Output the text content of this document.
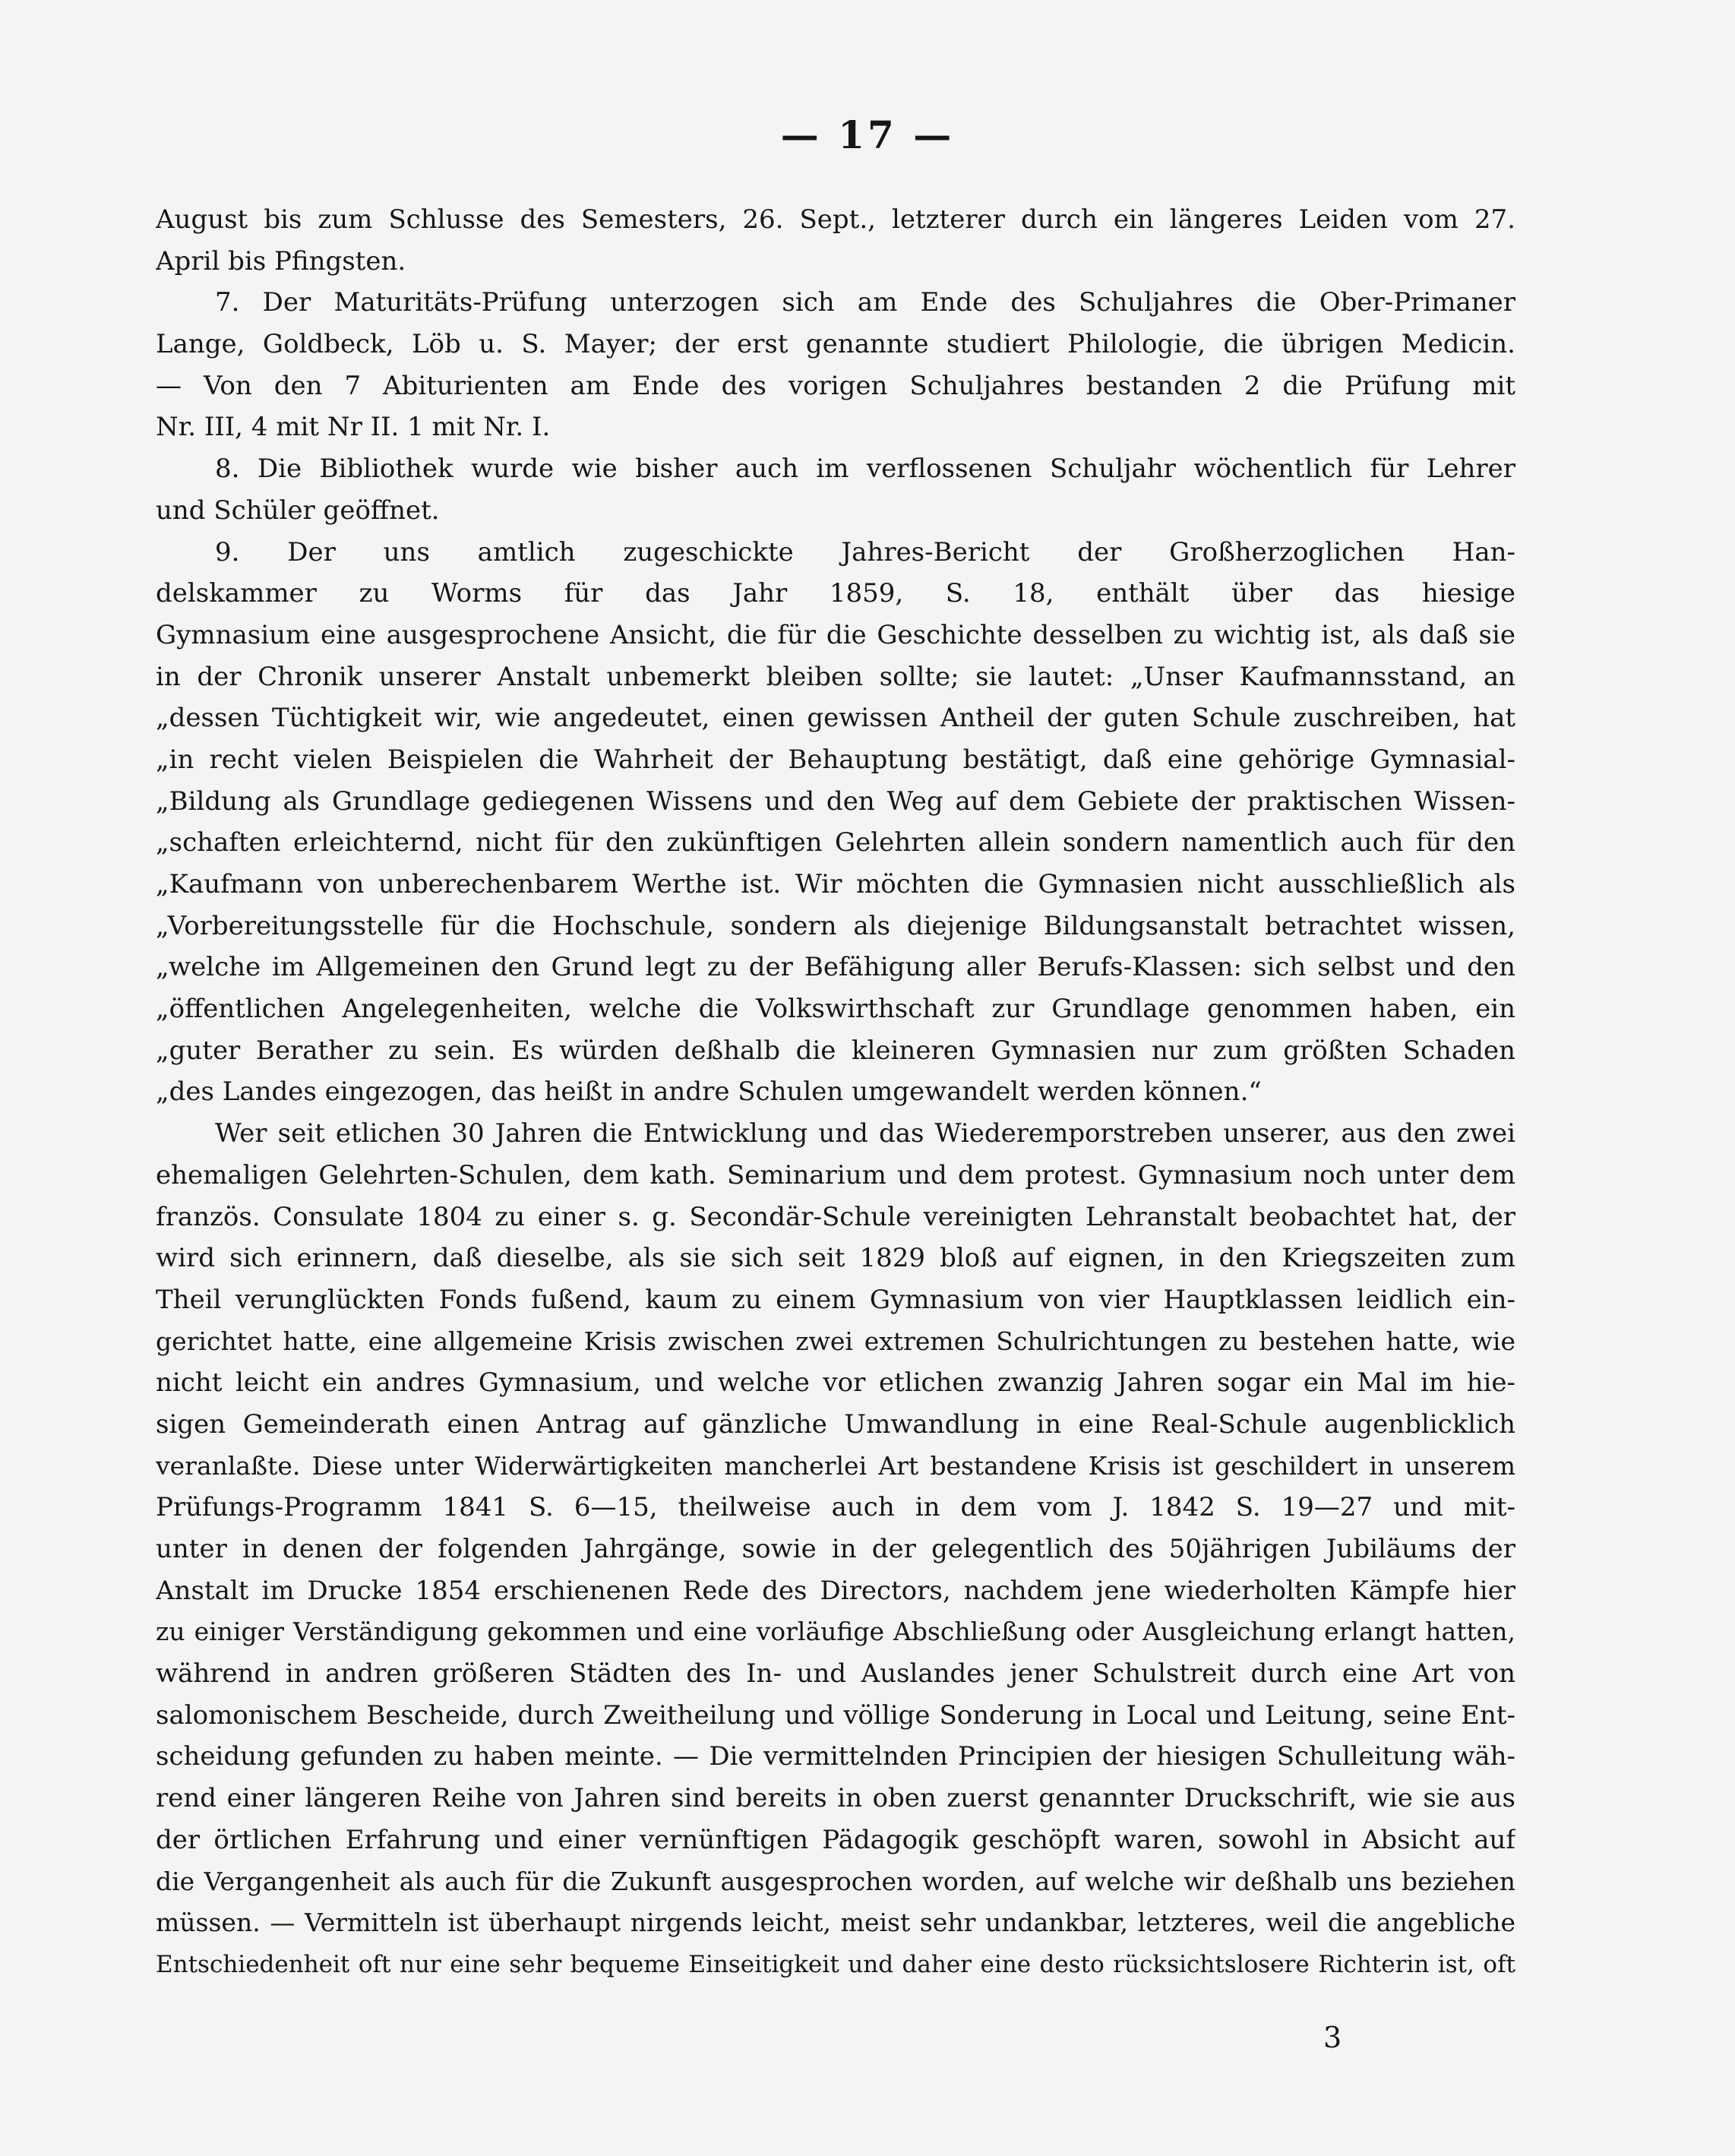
— 17 —
August bis zum Schlusse des Semesters, 26. Sept., letzterer durch ein längeres Leiden vom 27.
April bis Pfingsten.
7. Der Maturitäts-Prüfung unterzogen sich am Ende des Schuljahres die Ober-Primaner
Lange, Goldbeck, Löb u. S. Mayer; der erst genannte studiert Philologie, die übrigen Medicin.
— Von den 7 Abiturienten am Ende des vorigen Schuljahres bestanden 2 die Prüfung mit
Nr. III, 4 mit Nr II. 1 mit Nr. I.
8. Die Bibliothek wurde wie bisher auch im verflossenen Schuljahr wöchentlich für Lehrer
und Schüler geöffnet.
9. Der uns amtlich zugeschickte Jahres-Bericht der Großherzoglichen Han-
delskammer zu Worms für das Jahr 1859, S. 18, enthält über das hiesige
Gymnasium eine ausgesprochene Ansicht, die für die Geschichte desselben zu wichtig ist, als daß sie
in der Chronik unserer Anstalt unbemerkt bleiben sollte; sie lautet: „Unser Kaufmannsstand, an
„dessen Tüchtigkeit wir, wie angedeutet, einen gewissen Antheil der guten Schule zuschreiben, hat
„in recht vielen Beispielen die Wahrheit der Behauptung bestätigt, daß eine gehörige Gymnasial-
„Bildung als Grundlage gediegenen Wissens und den Weg auf dem Gebiete der praktischen Wissen-
„schaften erleichternd, nicht für den zukünftigen Gelehrten allein sondern namentlich auch für den
„Kaufmann von unberechenbarem Werthe ist. Wir möchten die Gymnasien nicht ausschließlich als
„Vorbereitungsstelle für die Hochschule, sondern als diejenige Bildungsanstalt betrachtet wissen,
„welche im Allgemeinen den Grund legt zu der Befähigung aller Berufs-Klassen: sich selbst und den
„öffentlichen Angelegenheiten, welche die Volkswirthschaft zur Grundlage genommen haben, ein
„guter Berather zu sein. Es würden deßhalb die kleineren Gymnasien nur zum größten Schaden
„des Landes eingezogen, das heißt in andre Schulen umgewandelt werden können.“
Wer seit etlichen 30 Jahren die Entwicklung und das Wiederemporstreben unserer, aus den zwei
ehemaligen Gelehrten-Schulen, dem kath. Seminarium und dem protest. Gymnasium noch unter dem
französ. Consulate 1804 zu einer s. g. Secondär-Schule vereinigten Lehranstalt beobachtet hat, der
wird sich erinnern, daß dieselbe, als sie sich seit 1829 bloß auf eignen, in den Kriegszeiten zum
Theil verunglückten Fonds fußend, kaum zu einem Gymnasium von vier Hauptklassen leidlich ein-
gerichtet hatte, eine allgemeine Krisis zwischen zwei extremen Schulrichtungen zu bestehen hatte, wie
nicht leicht ein andres Gymnasium, und welche vor etlichen zwanzig Jahren sogar ein Mal im hie-
sigen Gemeinderath einen Antrag auf gänzliche Umwandlung in eine Real-Schule augenblicklich
veranlaßte. Diese unter Widerwärtigkeiten mancherlei Art bestandene Krisis ist geschildert in unserem
Prüfungs-Programm 1841 S. 6—15, theilweise auch in dem vom J. 1842 S. 19—27 und mit-
unter in denen der folgenden Jahrgänge, sowie in der gelegentlich des 50jährigen Jubiläums der
Anstalt im Drucke 1854 erschienenen Rede des Directors, nachdem jene wiederholten Kämpfe hier
zu einiger Verständigung gekommen und eine vorläufige Abschließung oder Ausgleichung erlangt hatten,
während in andren größeren Städten des In- und Auslandes jener Schulstreit durch eine Art von
salomonischem Bescheide, durch Zweitheilung und völlige Sonderung in Local und Leitung, seine Ent-
scheidung gefunden zu haben meinte. — Die vermittelnden Principien der hiesigen Schulleitung wäh-
rend einer längeren Reihe von Jahren sind bereits in oben zuerst genannter Druckschrift, wie sie aus
der örtlichen Erfahrung und einer vernünftigen Pädagogik geschöpft waren, sowohl in Absicht auf
die Vergangenheit als auch für die Zukunft ausgesprochen worden, auf welche wir deßhalb uns beziehen
müssen. — Vermitteln ist überhaupt nirgends leicht, meist sehr undankbar, letzteres, weil die angebliche
Entschiedenheit oft nur eine sehr bequeme Einseitigkeit und daher eine desto rücksichtslosere Richterin ist, oft
3
